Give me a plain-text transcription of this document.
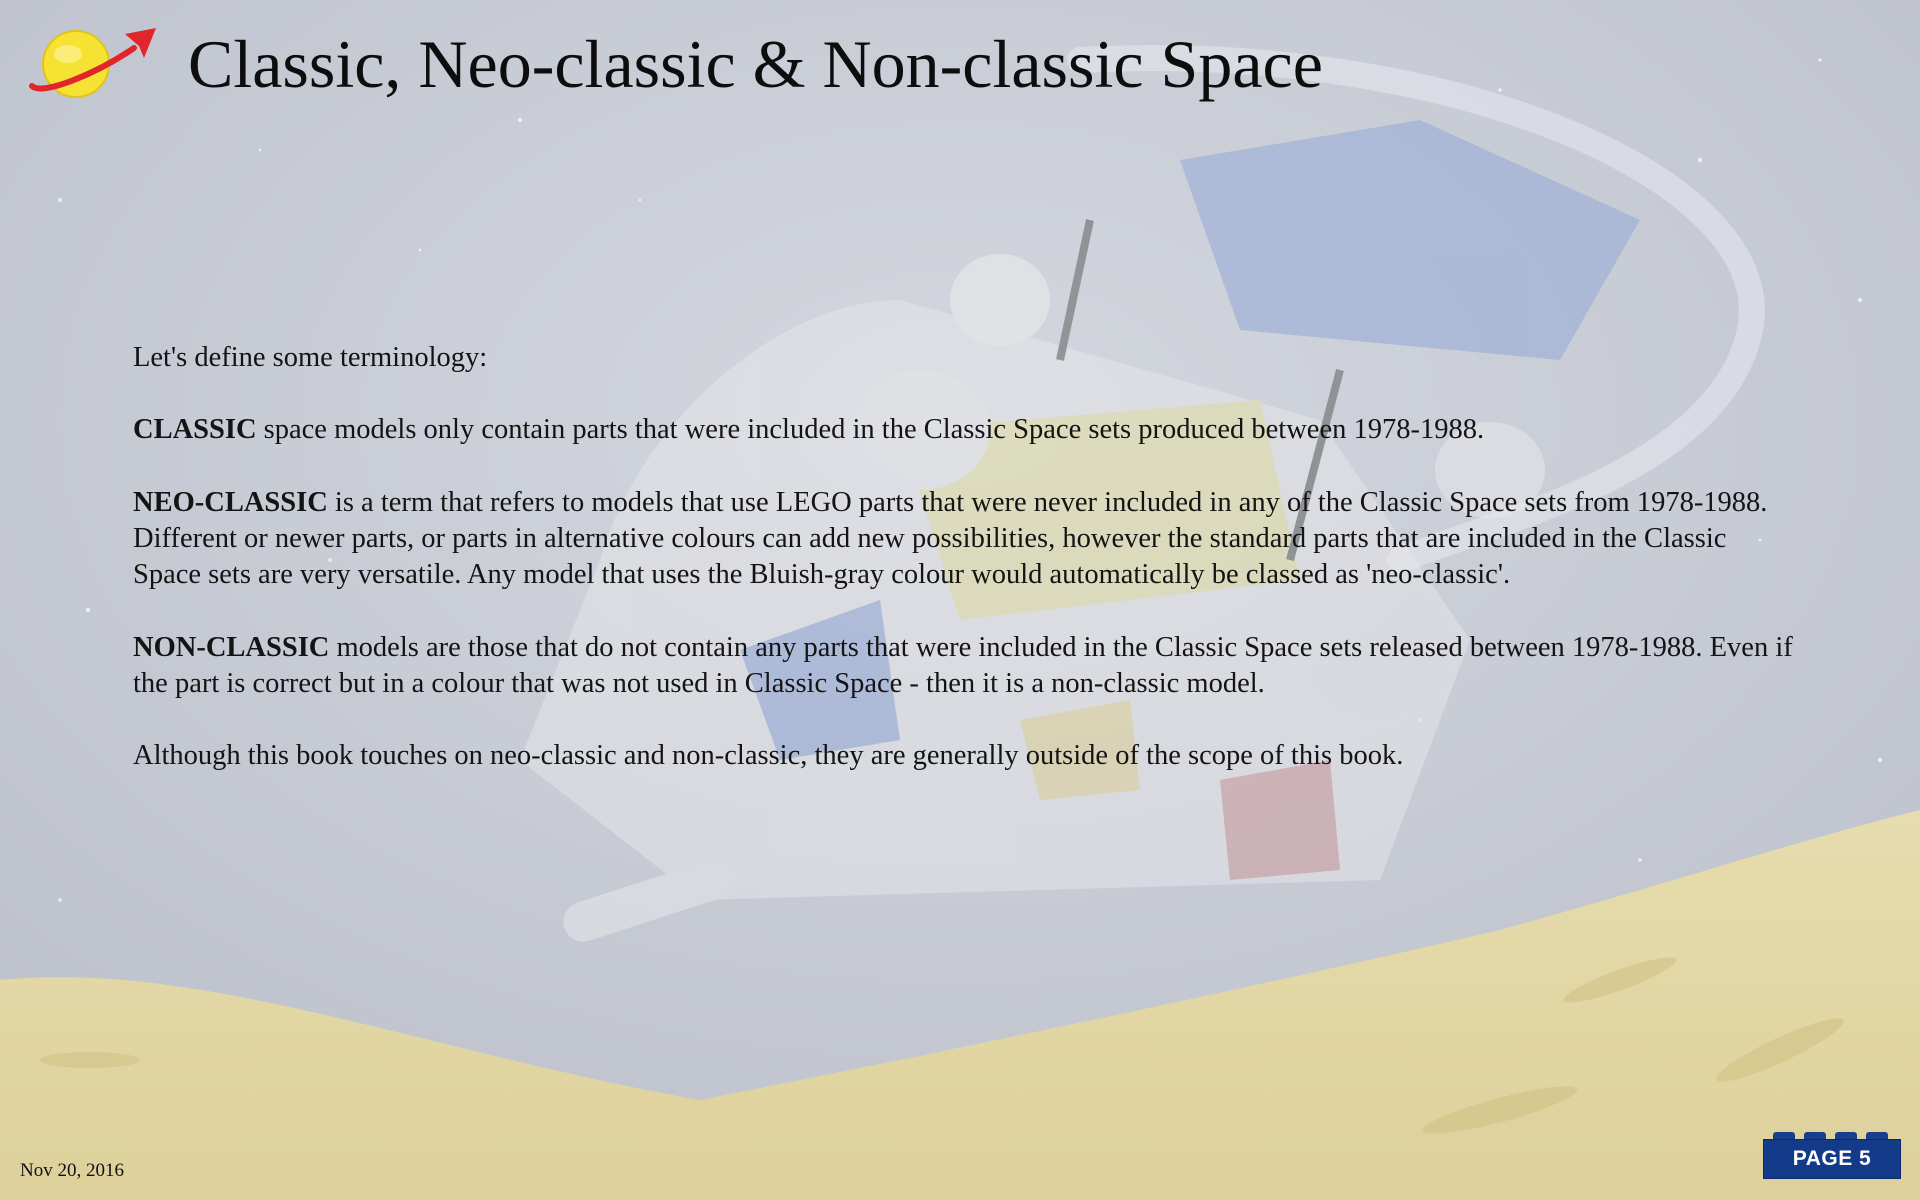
Classic, Neo-classic & Non-classic Space

Let's define some terminology:

CLASSIC space models only contain parts that were included in the Classic Space sets produced between 1978-1988.

NEO-CLASSIC is a term that refers to models that use LEGO parts that were never included in any of the Classic Space sets from 1978-1988. Different or newer parts, or parts in alternative colours can add new possibilities, however the standard parts that are included in the Classic Space sets are very versatile. Any model that uses the Bluish-gray colour would automatically be classed as 'neo-classic'.

NON-CLASSIC models are those that do not contain any parts that were included in the Classic Space sets released between 1978-1988. Even if the part is correct but in a colour that was not used in Classic Space - then it is a non-classic model.

Although this book touches on neo-classic and non-classic, they are generally outside of the scope of this book.

Nov 20, 2016
PAGE 5
